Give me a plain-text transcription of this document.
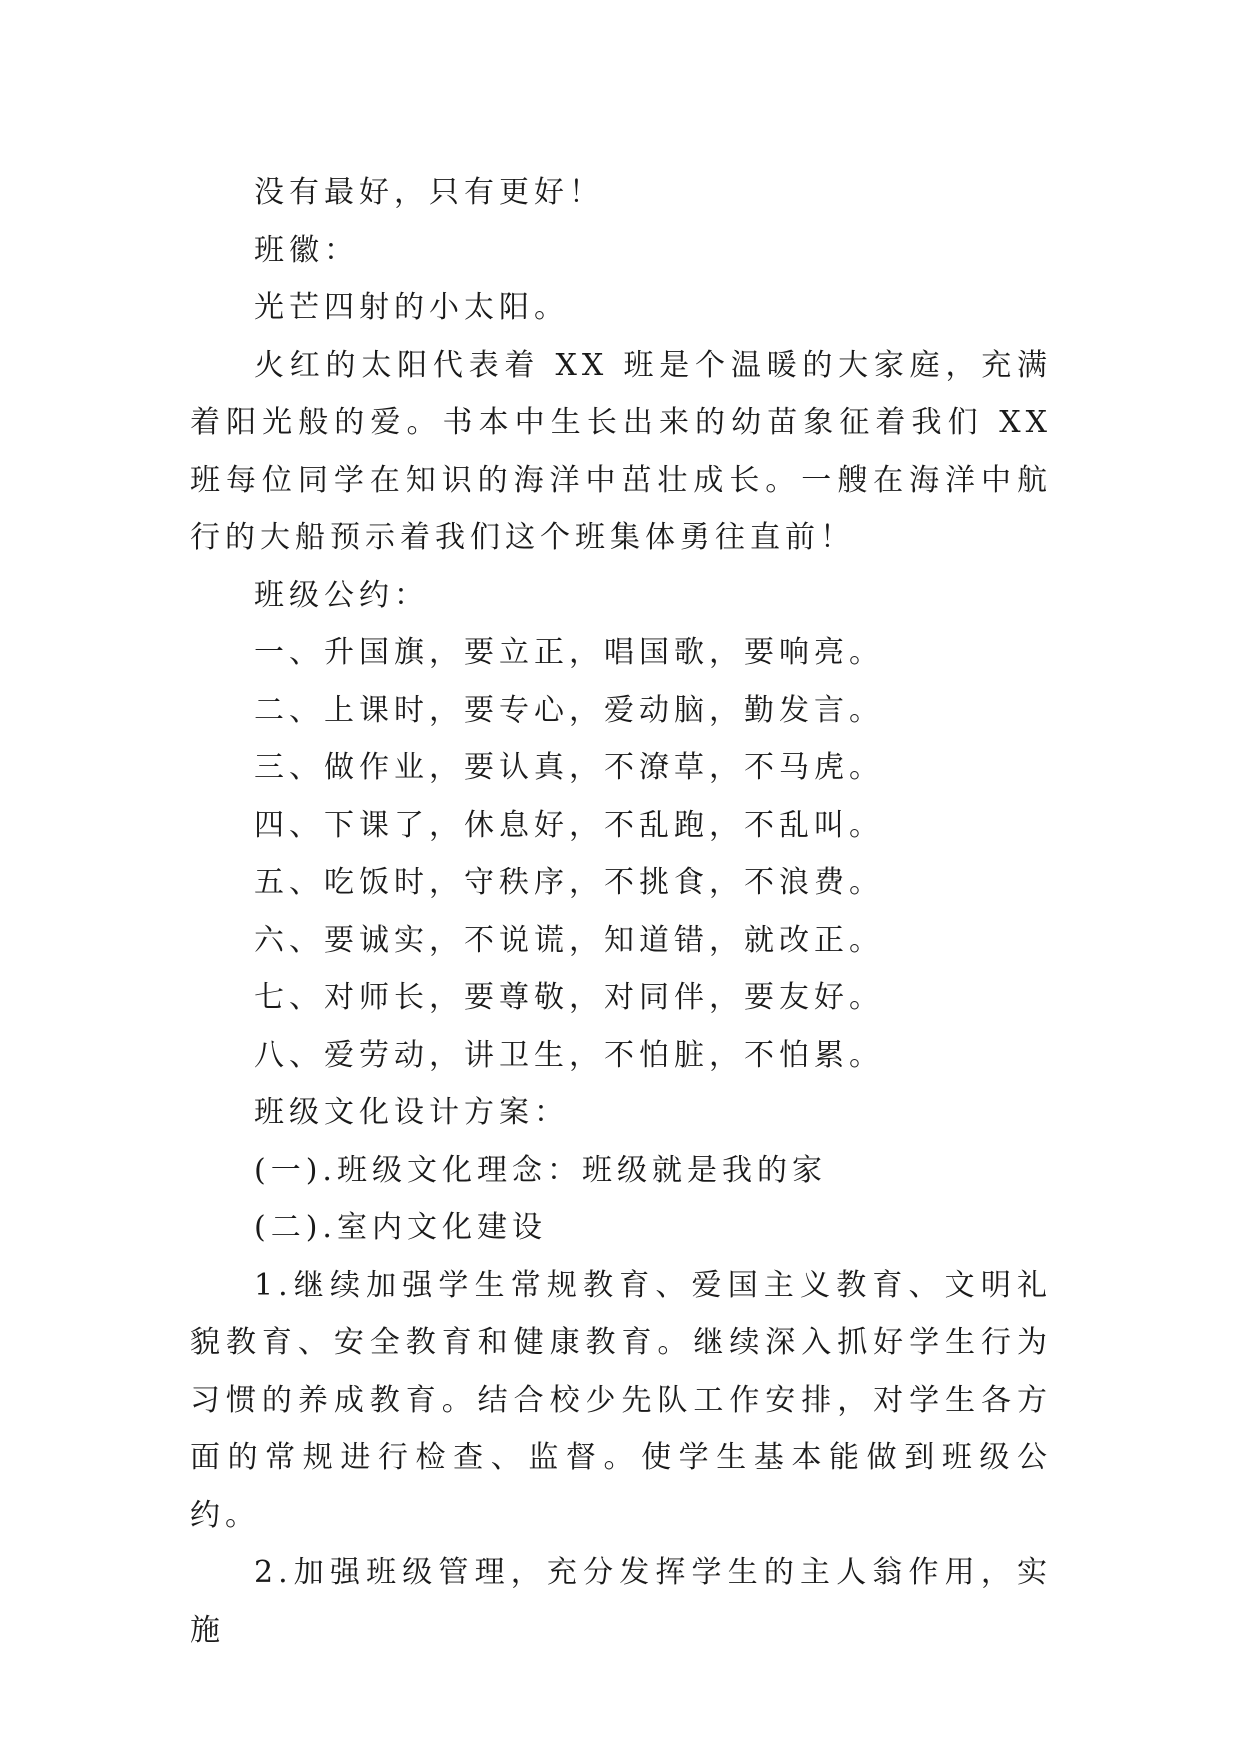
没有最好，只有更好！
班徽：
光芒四射的小太阳。
火红的太阳代表着 XX 班是个温暖的大家庭，充满着阳光般的爱。书本中生长出来的幼苗象征着我们 XX 班每位同学在知识的海洋中茁壮成长。一艘在海洋中航行的大船预示着我们这个班集体勇往直前！
班级公约：
一、升国旗，要立正，唱国歌，要响亮。
二、上课时，要专心，爱动脑，勤发言。
三、做作业，要认真，不潦草，不马虎。
四、下课了，休息好，不乱跑，不乱叫。
五、吃饭时，守秩序，不挑食，不浪费。
六、要诚实，不说谎，知道错，就改正。
七、对师长，要尊敬，对同伴，要友好。
八、爱劳动，讲卫生，不怕脏，不怕累。
班级文化设计方案：
(一).班级文化理念：班级就是我的家
(二).室内文化建设
1.继续加强学生常规教育、爱国主义教育、文明礼貌教育、安全教育和健康教育。继续深入抓好学生行为习惯的养成教育。结合校少先队工作安排，对学生各方面的常规进行检查、监督。使学生基本能做到班级公约。
2.加强班级管理，充分发挥学生的主人翁作用，实施
